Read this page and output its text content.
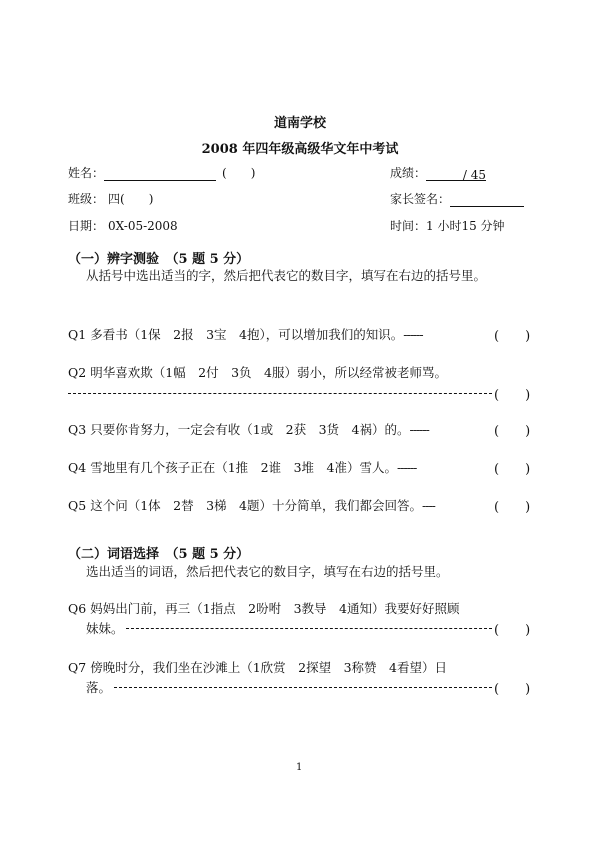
道南学校
2008 年四年级高级华文年中考试
姓名：	(　　)	成绩：	/ 45
班级： 四(　　)	家长签名：
日期： 0X-05-2008	时间：1 小时15 分钟
（一）辨字测验　（5 题 5 分）
从括号中选出适当的字，然后把代表它的数目字，填写在右边的括号里。
Q1 多看书（1保　2报　3宝　4抱），可以增加我们的知识。------	(　　)
Q2 明华喜欢欺（1幅　2付　3负　4服）弱小，所以经常被老师骂。
(　　)
Q3 只要你肯努力，一定会有收（1或　2获　3货　4祸）的。------	(　　)
Q4 雪地里有几个孩子正在（1推　2谁　3堆　4准）雪人。------	(　　)
Q5 这个问（1体　2替　3梯　4题）十分简单，我们都会回答。----	(　　)
（二）词语选择　（5 题 5 分）
选出适当的词语，然后把代表它的数目字，填写在右边的括号里。
Q6 妈妈出门前，再三（1指点　2吩咐　3教导　4通知）我要好好照顾
妹妹。	(　　)
Q7 傍晚时分，我们坐在沙滩上（1欣赏　2探望　3称赞　4看望）日
落。	(　　)
1
